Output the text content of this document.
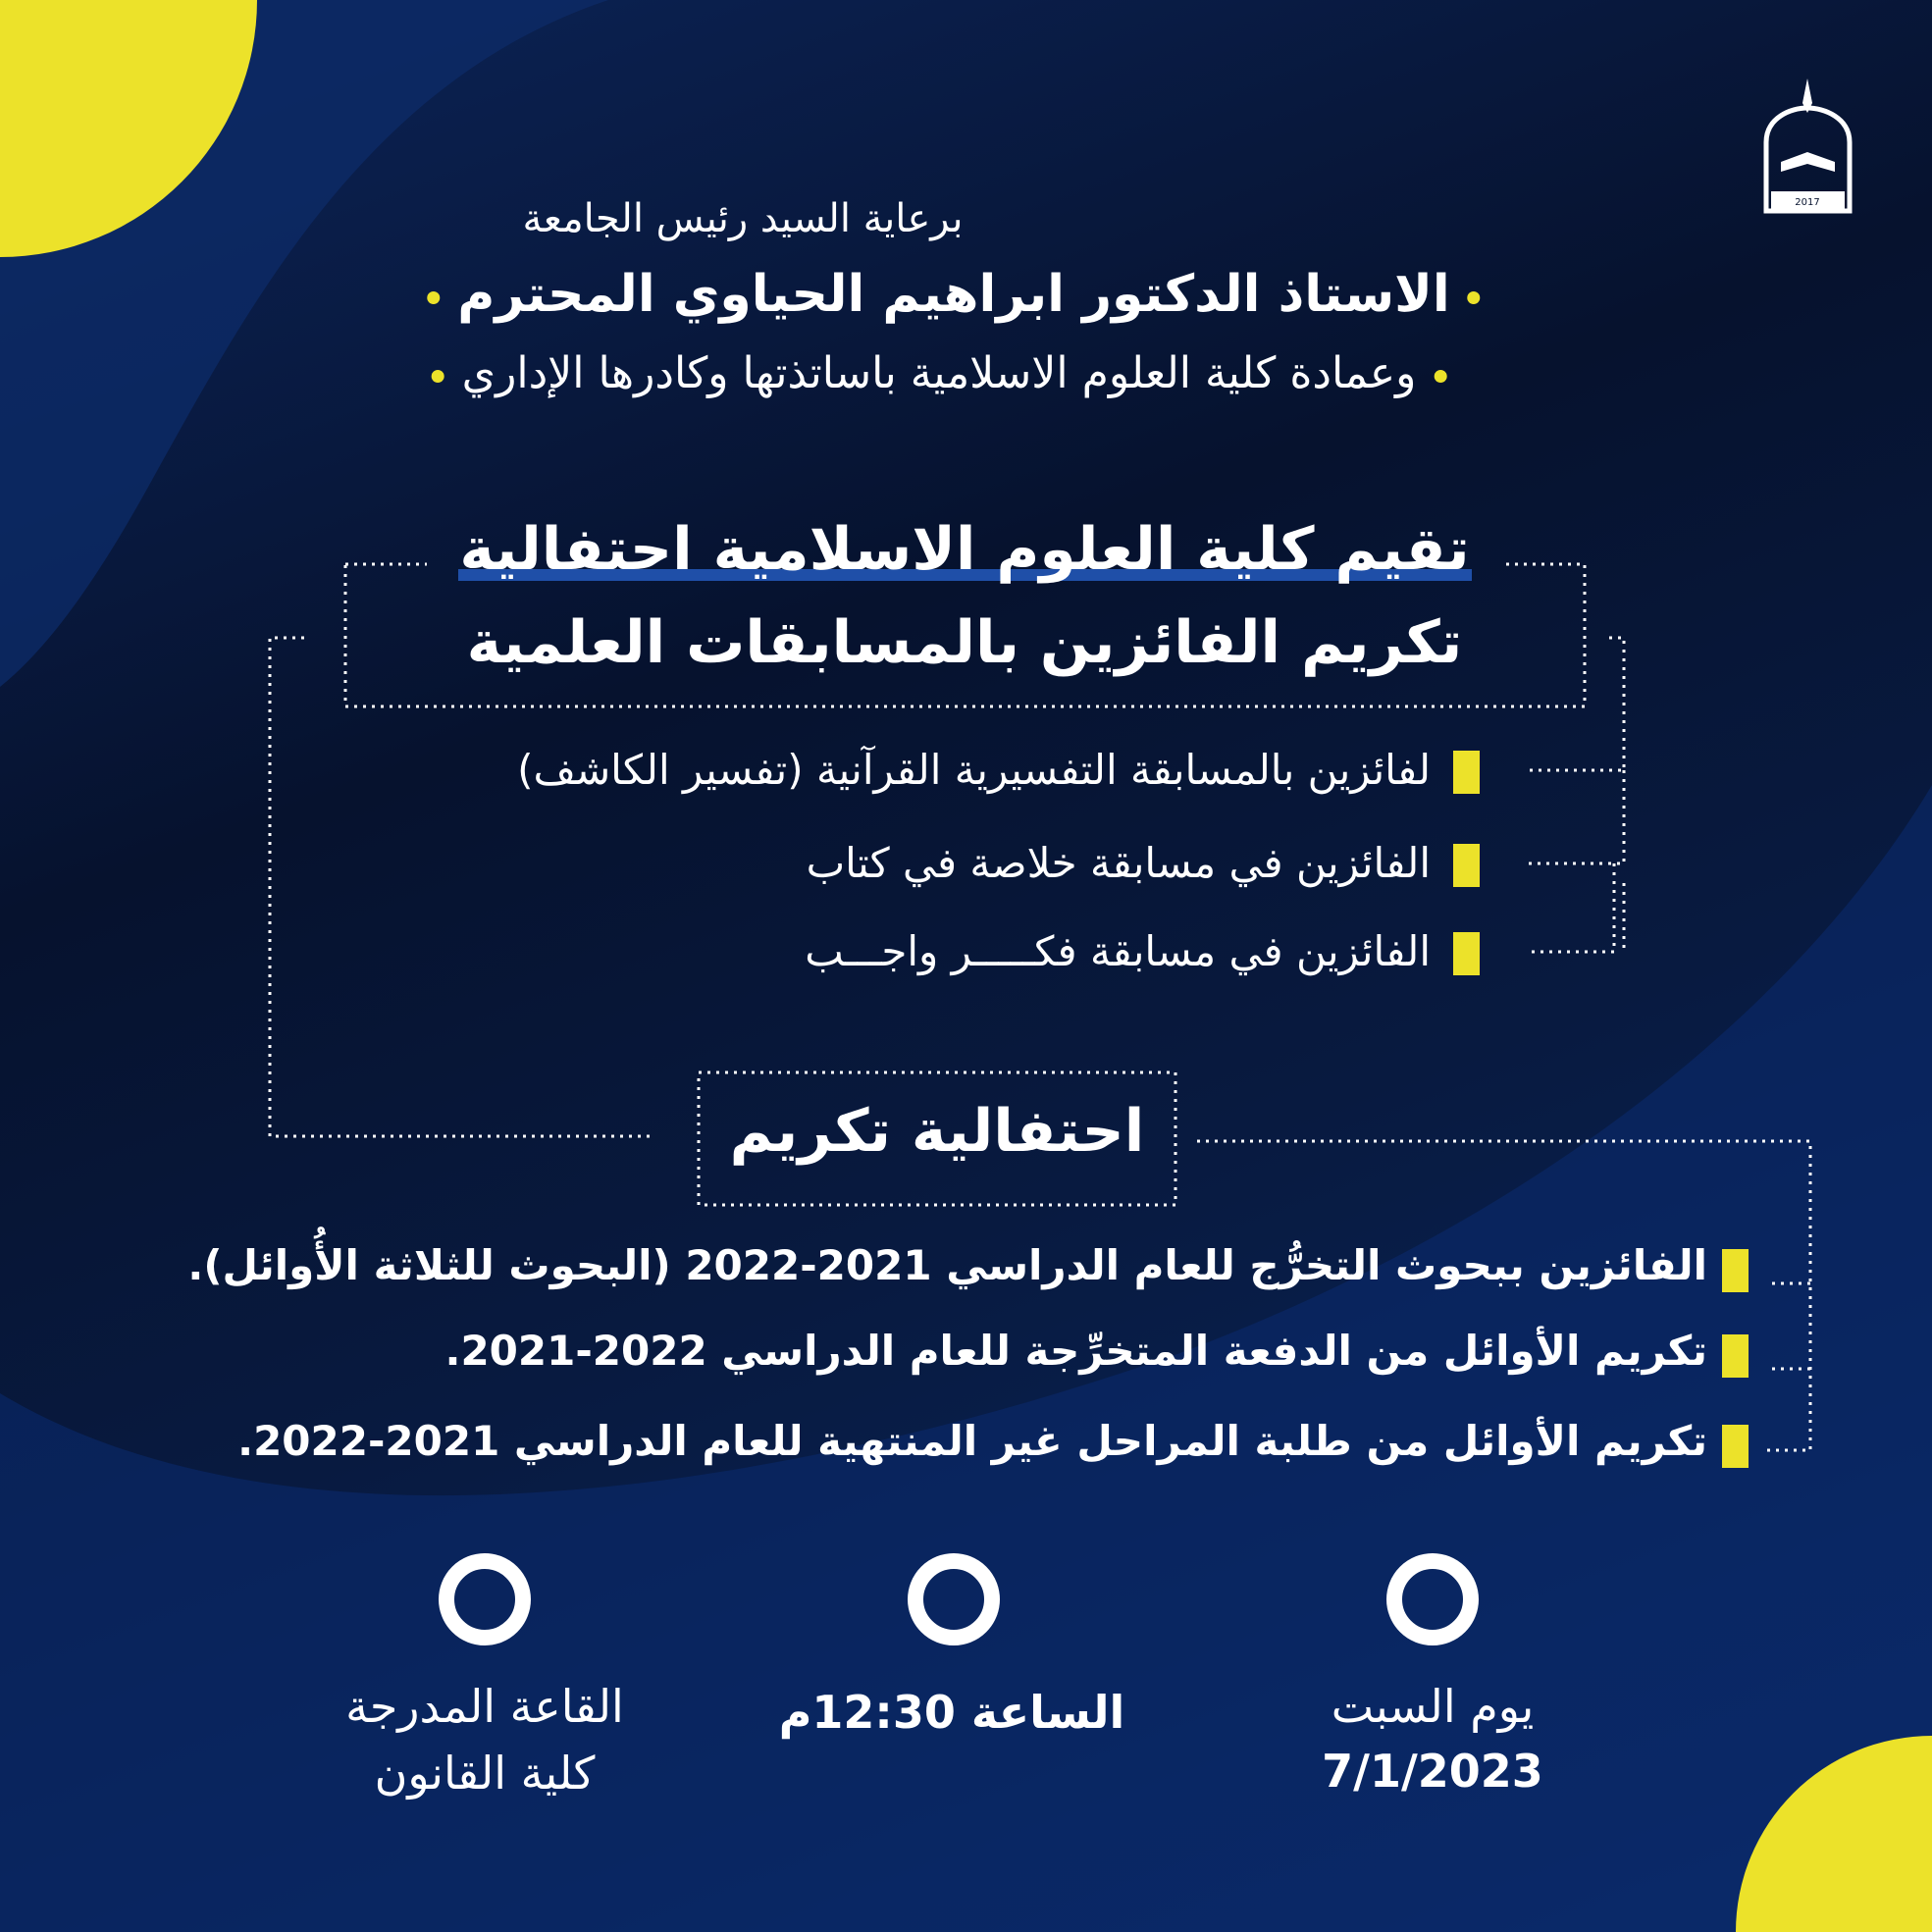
2017
برعاية السيد رئيس الجامعة
الاستاذ الدكتور ابراهيم الحياوي المحترم
وعمادة كلية العلوم الاسلامية باساتذتها وكادرها الإداري
تقيم كلية العلوم الاسلامية احتفالية
تكريم الفائزين بالمسابقات العلمية
لفائزين بالمسابقة التفسيرية القرآنية (تفسير الكاشف)
الفائزين في مسابقة خلاصة في كتاب
الفائزين في مسابقة فكـــــر واجـــب
احتفالية تكريم
الفائزين ببحوث التخرُّج للعام الدراسي 2021-2022 (البحوث للثلاثة الأُوائل).
تكريم الأوائل من الدفعة المتخرِّجة للعام الدراسي 2022-2021.
تكريم الأوائل من طلبة المراحل غير المنتهية للعام الدراسي 2021-2022.
يوم السبت
7/1/2023
الساعة 12:30م
القاعة المدرجة
كلية القانون
